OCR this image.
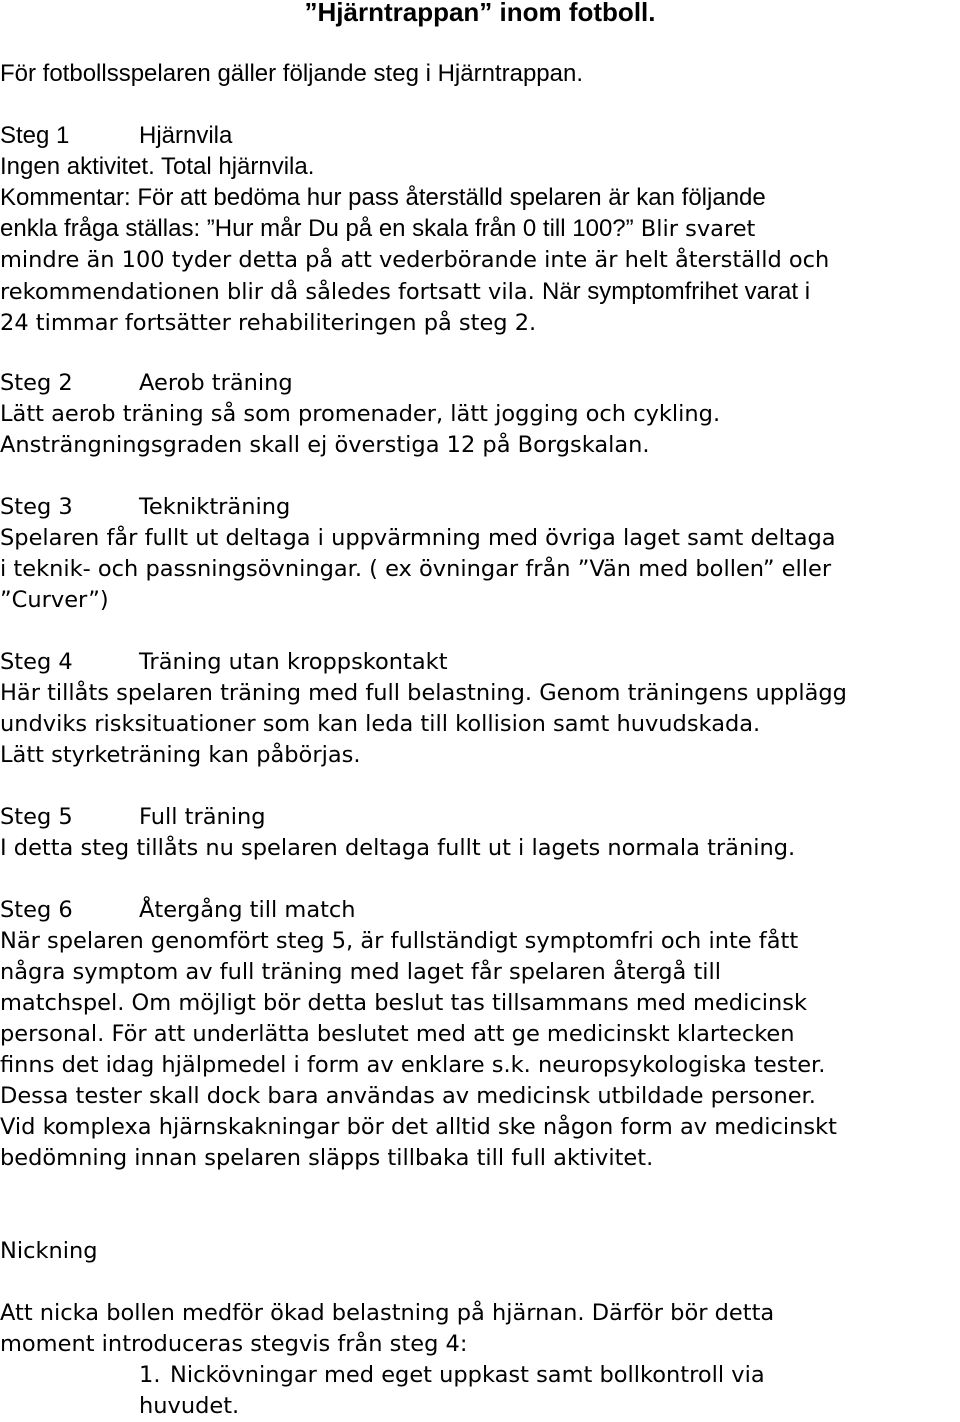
”Hjärntrappan” inom fotboll.
För fotbollsspelaren gäller följande steg i Hjärntrappan.
Steg 1	Hjärnvila
Ingen aktivitet. Total hjärnvila.
Kommentar: För att bedöma hur pass återställd spelaren är kan följande
enkla fråga ställas: ”Hur mår Du på en skala från 0 till 100?” Blir svaret
mindre än 100 tyder detta på att vederbörande inte är helt återställd och
rekommendationen blir då således fortsatt vila. När symptomfrihet varat i
24 timmar fortsätter rehabiliteringen på steg 2.
Steg 2	Aerob träning
Lätt aerob träning så som promenader, lätt jogging och cykling.
Ansträngningsgraden skall ej överstiga 12 på Borgskalan.
Steg 3	Teknikträning
Spelaren får fullt ut deltaga i uppvärmning med övriga laget samt deltaga
i teknik- och passningsövningar. ( ex övningar från ”Vän med bollen” eller
”Curver”)
Steg 4	Träning utan kroppskontakt
Här tillåts spelaren träning med full belastning. Genom träningens upplägg
undviks risksituationer som kan leda till kollision samt huvudskada.
Lätt styrketräning kan påbörjas.
Steg 5	Full träning
I detta steg tillåts nu spelaren deltaga fullt ut i lagets normala träning.
Steg 6	Återgång till match
När spelaren genomfört steg 5, är fullständigt symptomfri och inte fått
några symptom av full träning med laget får spelaren återgå till
matchspel. Om möjligt bör detta beslut tas tillsammans med medicinsk
personal. För att underlätta beslutet med att ge medicinskt klartecken
finns det idag hjälpmedel i form av enklare s.k. neuropsykologiska tester.
Dessa tester skall dock bara användas av medicinsk utbildade personer.
Vid komplexa hjärnskakningar bör det alltid ske någon form av medicinskt
bedömning innan spelaren släpps tillbaka till full aktivitet.
Nickning
Att nicka bollen medför ökad belastning på hjärnan. Därför bör detta
moment introduceras stegvis från steg 4:
1. Nickövningar med eget uppkast samt bollkontroll via
huvudet.
